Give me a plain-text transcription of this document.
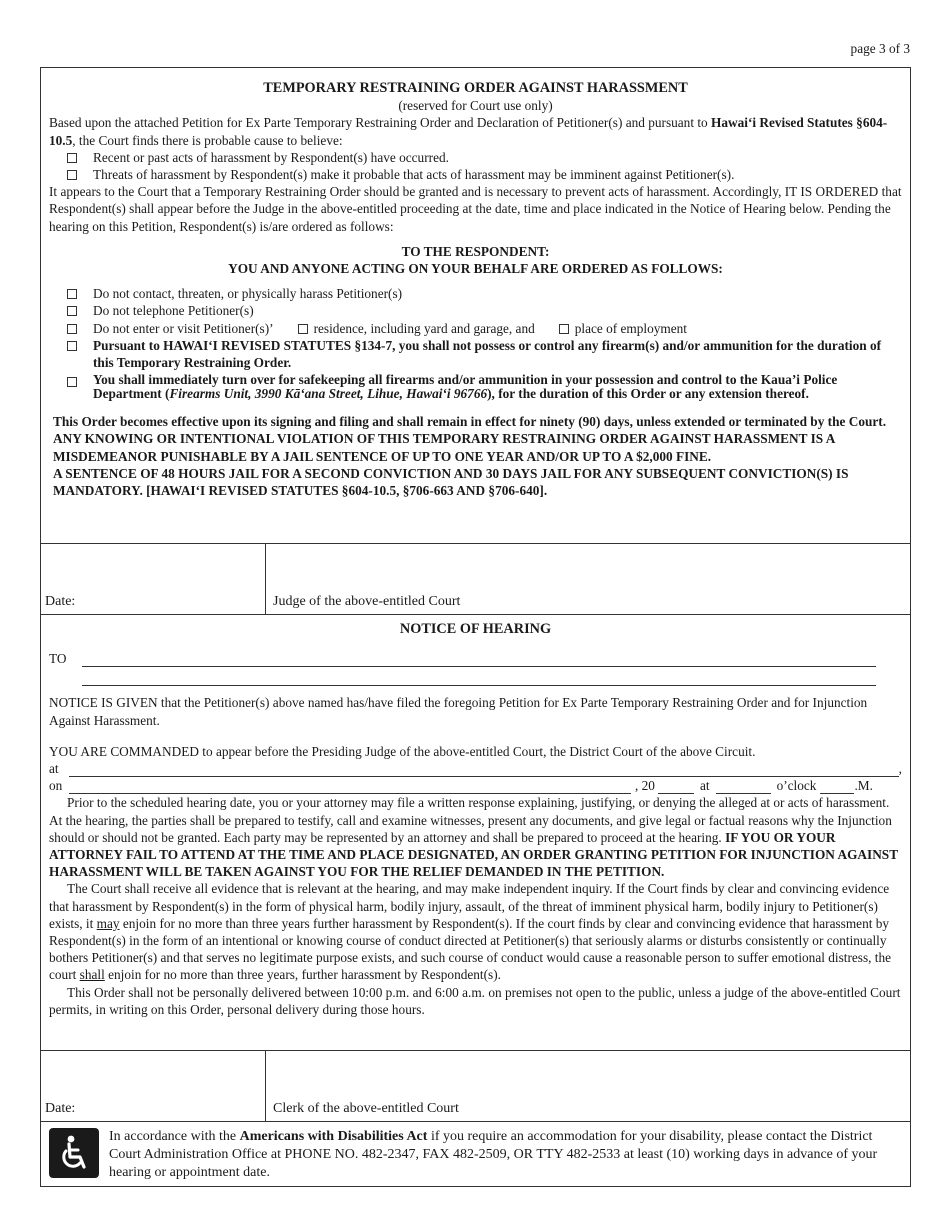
page 3 of 3
TEMPORARY RESTRAINING ORDER AGAINST HARASSMENT
(reserved for Court use only)
Based upon the attached Petition for Ex Parte Temporary Restraining Order and Declaration of Petitioner(s) and pursuant to Hawai‘i Revised Statutes §604-10.5, the Court finds there is probable cause to believe:
Recent or past acts of harassment by Respondent(s) have occurred.
Threats of harassment by Respondent(s) make it probable that acts of harassment may be imminent against Petitioner(s).
It appears to the Court that a Temporary Restraining Order should be granted and is necessary to prevent acts of harassment. Accordingly, IT IS ORDERED that Respondent(s) shall appear before the Judge in the above-entitled proceeding at the date, time and place indicated in the Notice of Hearing below. Pending the hearing on this Petition, Respondent(s) is/are ordered as follows:
TO THE RESPONDENT:
YOU AND ANYONE ACTING ON YOUR BEHALF ARE ORDERED AS FOLLOWS:
Do not contact, threaten, or physically harass Petitioner(s)
Do not telephone Petitioner(s)
Do not enter or visit Petitioner(s)’	residence, including yard and garage, and	place of employment
Pursuant to HAWAI‘I REVISED STATUTES §134-7, you shall not possess or control any firearm(s) and/or ammunition for the duration of this Temporary Restraining Order.
You shall immediately turn over for safekeeping all firearms and/or ammunition in your possession and control to the Kaua’i Police Department (Firearms Unit, 3990 Kā‘ana Street, Lihue, Hawai‘i 96766), for the duration of this Order or any extension thereof.
This Order becomes effective upon its signing and filing and shall remain in effect for ninety (90) days, unless extended or terminated by the Court.
ANY KNOWING OR INTENTIONAL VIOLATION OF THIS TEMPORARY RESTRAINING ORDER AGAINST HARASSMENT IS A MISDEMEANOR PUNISHABLE BY A JAIL SENTENCE OF UP TO ONE YEAR AND/OR UP TO A $2,000 FINE.
A SENTENCE OF 48 HOURS JAIL FOR A SECOND CONVICTION AND 30 DAYS JAIL FOR ANY SUBSEQUENT CONVICTION(S) IS MANDATORY. [HAWAI‘I REVISED STATUTES §604-10.5, §706-663 AND §706-640].
Date:	Judge of the above-entitled Court
NOTICE OF HEARING
TO
NOTICE IS GIVEN that the Petitioner(s) above named has/have filed the foregoing Petition for Ex Parte Temporary Restraining Order and for Injunction Against Harassment.
YOU ARE COMMANDED to appear before the Presiding Judge of the above-entitled Court, the District Court of the above Circuit.
at	,
on	, 20	at	o’clock	.M.
Prior to the scheduled hearing date, you or your attorney may file a written response explaining, justifying, or denying the alleged at or acts of harassment. At the hearing, the parties shall be prepared to testify, call and examine witnesses, present any documents, and give legal or factual reasons why the Injunction should or should not be granted. Each party may be represented by an attorney and shall be prepared to proceed at the hearing. IF YOU OR YOUR ATTORNEY FAIL TO ATTEND AT THE TIME AND PLACE DESIGNATED, AN ORDER GRANTING PETITION FOR INJUNCTION AGAINST HARASSMENT WILL BE TAKEN AGAINST YOU FOR THE RELIEF DEMANDED IN THE PETITION.
The Court shall receive all evidence that is relevant at the hearing, and may make independent inquiry. If the Court finds by clear and convincing evidence that harassment by Respondent(s) in the form of physical harm, bodily injury, assault, of the threat of imminent physical harm, bodily injury to Petitioner(s) exists, it may enjoin for no more than three years further harassment by Respondent(s). If the court finds by clear and convincing evidence that harassment by Respondent(s) in the form of an intentional or knowing course of conduct directed at Petitioner(s) that seriously alarms or disturbs consistently or continually bothers Petitioner(s) and that serves no legitimate purpose exists, and such course of conduct would cause a reasonable person to suffer emotional distress, the court shall enjoin for no more than three years, further harassment by Respondent(s).
This Order shall not be personally delivered between 10:00 p.m. and 6:00 a.m. on premises not open to the public, unless a judge of the above-entitled Court permits, in writing on this Order, personal delivery during those hours.
Date:	Clerk of the above-entitled Court
In accordance with the Americans with Disabilities Act if you require an accommodation for your disability, please contact the District Court Administration Office at PHONE NO. 482-2347, FAX 482-2509, OR TTY 482-2533 at least (10) working days in advance of your hearing or appointment date.
